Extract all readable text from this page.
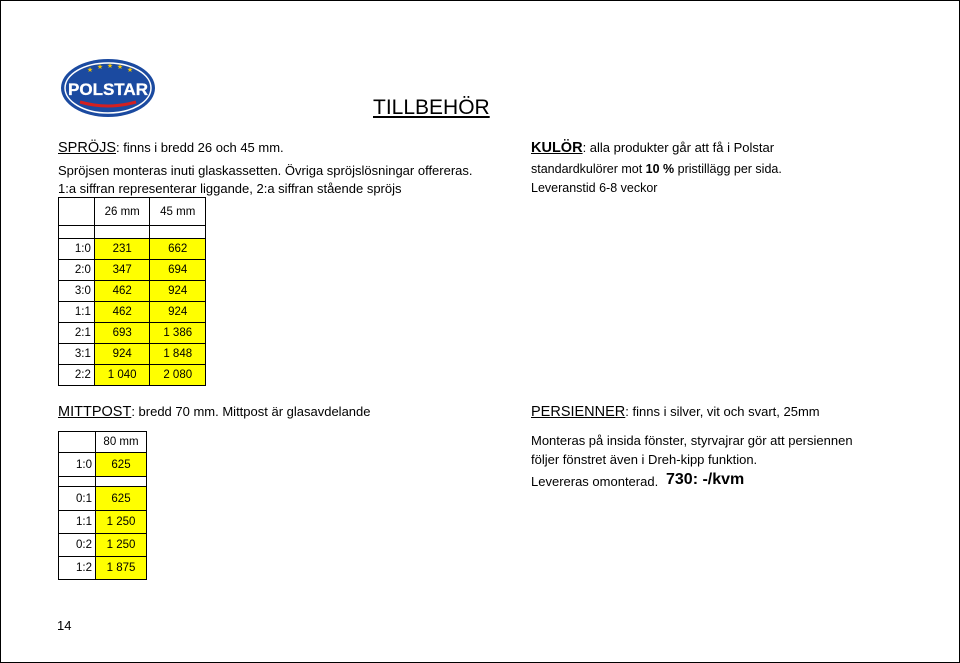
★ ★ ★ ★ ★
POLSTAR
TILLBEHÖR
SPRÖJS: finns i bredd 26 och 45 mm.
Spröjsen monteras inuti glaskassetten. Övriga spröjslösningar offereras.
1:a siffran representerar liggande, 2:a siffran stående spröjs
	26 mm	45 mm

1:0	231	662
2:0	347	694
3:0	462	924
1:1	462	924
2:1	693	1 386
3:1	924	1 848
2:2	1 040	2 080
KULÖR: alla produkter går att få i Polstar
standardkulörer mot 10 % pristillägg per sida.
Leveranstid 6-8 veckor
MITTPOST: bredd 70 mm. Mittpost är glasavdelande
	80 mm
1:0	625

0:1	625
1:1	1 250
0:2	1 250
1:2	1 875
PERSIENNER: finns i silver, vit och svart, 25mm
Monteras på insida fönster, styrvajrar gör att persiennen
följer fönstret även i Dreh-kipp funktion.
Levereras omonterad. 730: -/kvm
14
